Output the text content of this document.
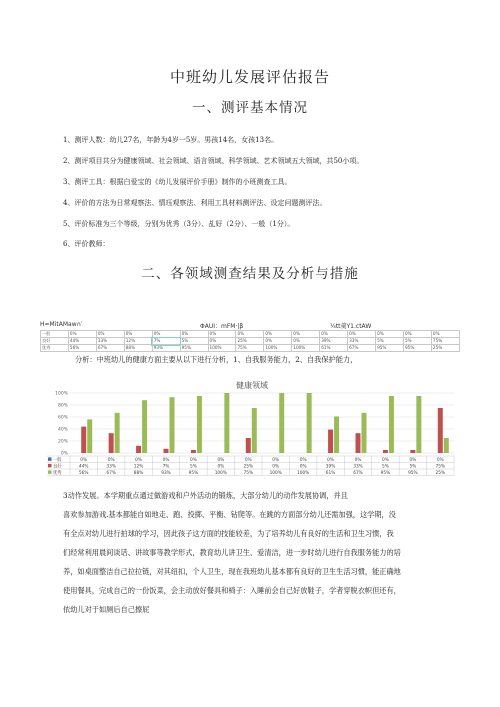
中班幼儿发展评估报告
一、测评基本情况
1、测评人数：幼儿27名，年龄为4岁一5岁。男孩14名，女孩13名。
2、测评项目共分为健康领域、社会领域、语言领域、科学领域、艺术领域五大领域，共50小项。
3、测评工具：根据白爱宝的《幼儿发展评价手册》制作的小班测查工具。
4、评价的方法为日常观察法、情珏观察法、利用工具材料测评法、设定问题测评法。
5、评价标准为三个等级，分别为优秀（3分）、乩好（2分）、一般（1分）。
6、评价教师：
二、各领域测查结果及分析与措施
H=MitAMaw∩′	ΦAUI：mFM·|β	¼tt羹Y1.ctAW
一般	0%	0%	0%	0%	0%	0%	0%	0%	0%	0%	0%	0%	0%	0%
良好	44%	33%	12%	7%	5%	0%	25%	0%	0%	39%	33%	5%	5%	75%
优秀	56%	67%	88%	93%	95%	100%	75%	100%	100%	61%	67%	95%	95%	25%
分析：中班幼儿的健康方面主要从以下进行分析，1、自我服务能力，2、自我保护能力，
健康领域
0%
20%
40%
60%
80%
100%
一般	0%	0%	0%	0%	0%	0%	0%	0%	0%	0%	0%	0%	0%	0%
良好	44%	33%	12%	7%	5%	0%	25%	0%	0%	39%	33%	5%	5%	75%
优秀	56%	67%	88%	93%	95%	100%	75%	100%	100%	61%	67%	95%	95%	25%

3动作发展。本学期重点通过做游戏和户外活动的锻炼，大部分幼儿的动作发展协调，并且

喜欢参加游戏.基本都能自如地走、跑、投掷、平衡、钻爬等。在跳的方面部分幼儿还需加强，这学期，没

有全点对幼儿进行拍球的学习，因此孩子这方面的技能较差，为了培养幼儿有良好的生活和卫生习惯，我

们经常利用晨间谈话、讲故事等教学形式，教育幼儿讲卫生、爱清洁，进一步时幼儿进行自我服务能力的培

养，如桌面整洁自己拉拉链，对其纽扣，个人卫生，现在我班幼儿基本都有良好的卫生生活习惯，能正确地

使用餐具，完成自己的一份饭菜，会主动放好餐具和椅子：入睡前会自己好放鞋子，学者穿脱衣帜但还有，

依幼儿对于如厕后自己擦屁
